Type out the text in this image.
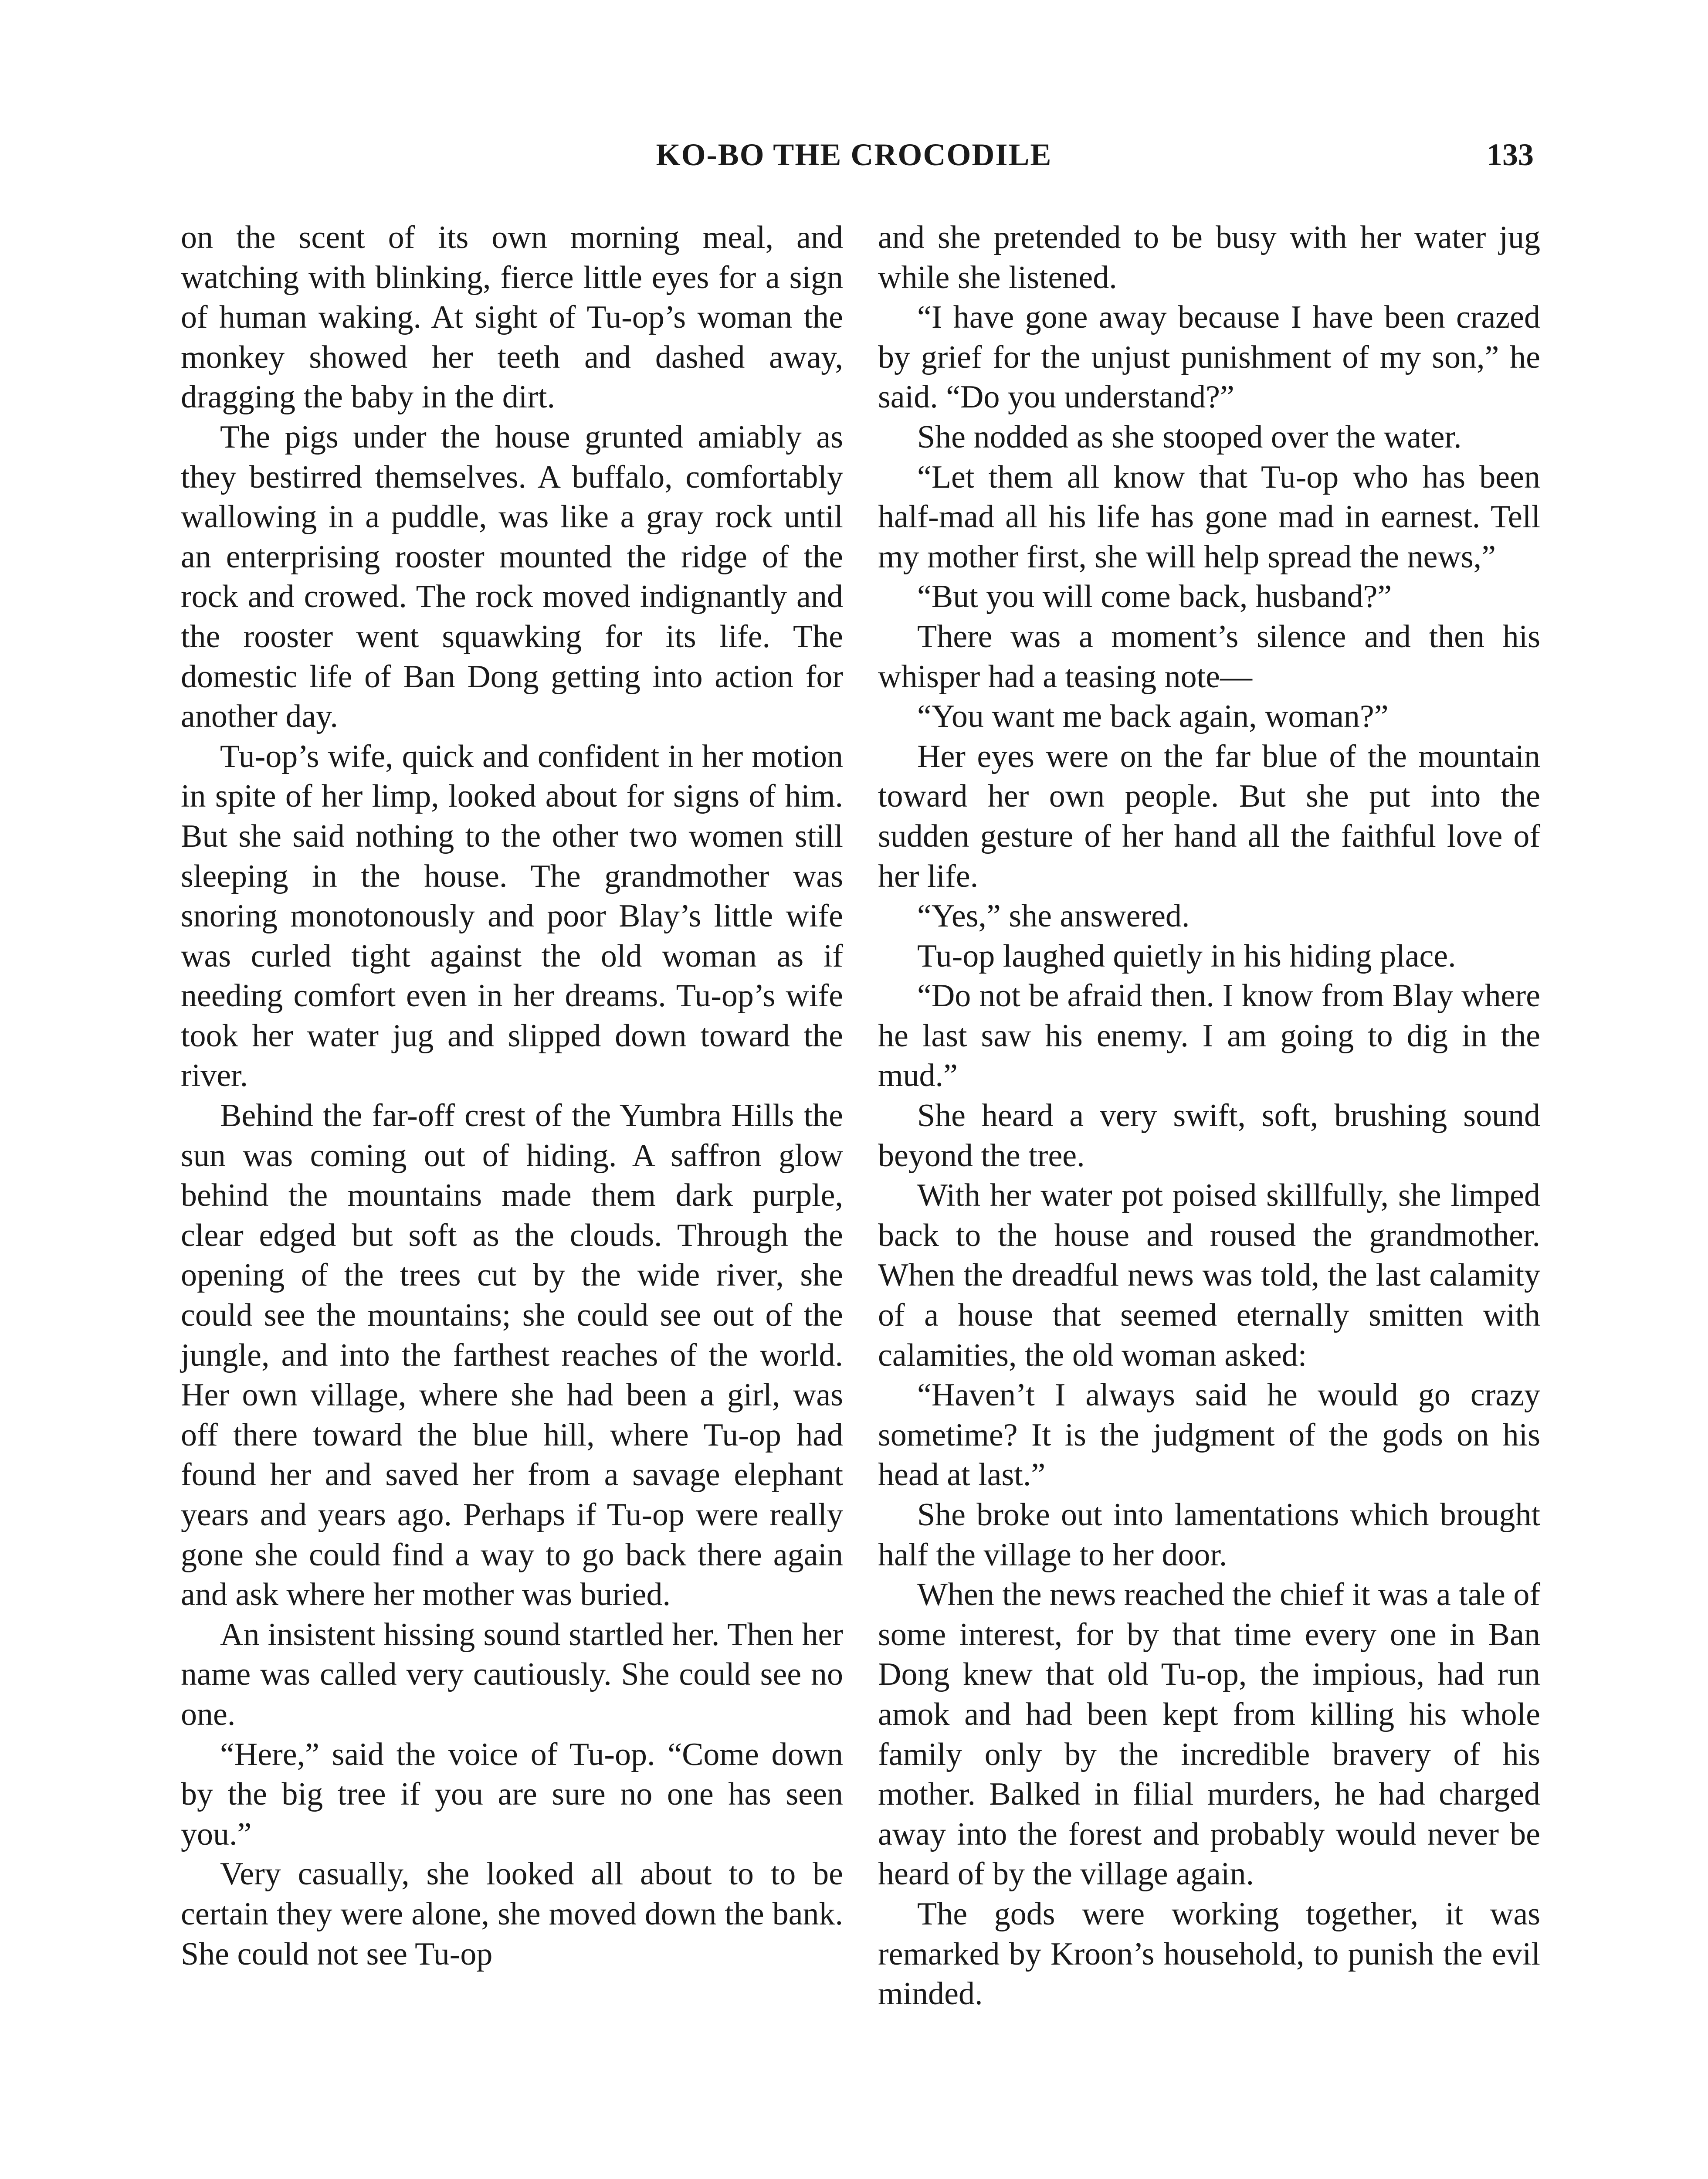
KO-BO THE CROCODILE	133

on the scent of its own morning meal, and watching with blinking, fierce little eyes for a sign of human waking. At sight of Tu-op’s woman the monkey showed her teeth and dashed away, dragging the baby in the dirt.

The pigs under the house grunted amiably as they bestirred themselves. A buffalo, comfortably wallowing in a puddle, was like a gray rock until an enterprising rooster mounted the ridge of the rock and crowed. The rock moved indignantly and the rooster went squawking for its life. The domestic life of Ban Dong getting into action for another day.

Tu-op’s wife, quick and confident in her motion in spite of her limp, looked about for signs of him. But she said nothing to the other two women still sleeping in the house. The grandmother was snoring monotonously and poor Blay’s little wife was curled tight against the old woman as if needing comfort even in her dreams. Tu-op’s wife took her water jug and slipped down toward the river.

Behind the far-off crest of the Yumbra Hills the sun was coming out of hiding. A saffron glow behind the mountains made them dark purple, clear edged but soft as the clouds. Through the opening of the trees cut by the wide river, she could see the mountains; she could see out of the jungle, and into the farthest reaches of the world. Her own village, where she had been a girl, was off there toward the blue hill, where Tu-op had found her and saved her from a savage elephant years and years ago. Perhaps if Tu-op were really gone she could find a way to go back there again and ask where her mother was buried.

An insistent hissing sound startled her. Then her name was called very cautiously. She could see no one.

“Here,” said the voice of Tu-op. “Come down by the big tree if you are sure no one has seen you.”

Very casually, she looked all about to to be certain they were alone, she moved down the bank. She could not see Tu-op

and she pretended to be busy with her water jug while she listened.

“I have gone away because I have been crazed by grief for the unjust punishment of my son,” he said. “Do you understand?”

She nodded as she stooped over the water.

“Let them all know that Tu-op who has been half-mad all his life has gone mad in earnest. Tell my mother first, she will help spread the news,”

“But you will come back, husband?”

There was a moment’s silence and then his whisper had a teasing note—

“You want me back again, woman?”

Her eyes were on the far blue of the mountain toward her own people. But she put into the sudden gesture of her hand all the faithful love of her life.

“Yes,” she answered.

Tu-op laughed quietly in his hiding place.

“Do not be afraid then. I know from Blay where he last saw his enemy. I am going to dig in the mud.”

She heard a very swift, soft, brushing sound beyond the tree.

With her water pot poised skillfully, she limped back to the house and roused the grandmother. When the dreadful news was told, the last calamity of a house that seemed eternally smitten with calamities, the old woman asked:

“Haven’t I always said he would go crazy sometime? It is the judgment of the gods on his head at last.”

She broke out into lamentations which brought half the village to her door.

When the news reached the chief it was a tale of some interest, for by that time every one in Ban Dong knew that old Tu-op, the impious, had run amok and had been kept from killing his whole family only by the incredible bravery of his mother. Balked in filial murders, he had charged away into the forest and probably would never be heard of by the village again.

The gods were working together, it was remarked by Kroon’s household, to punish the evil minded.
